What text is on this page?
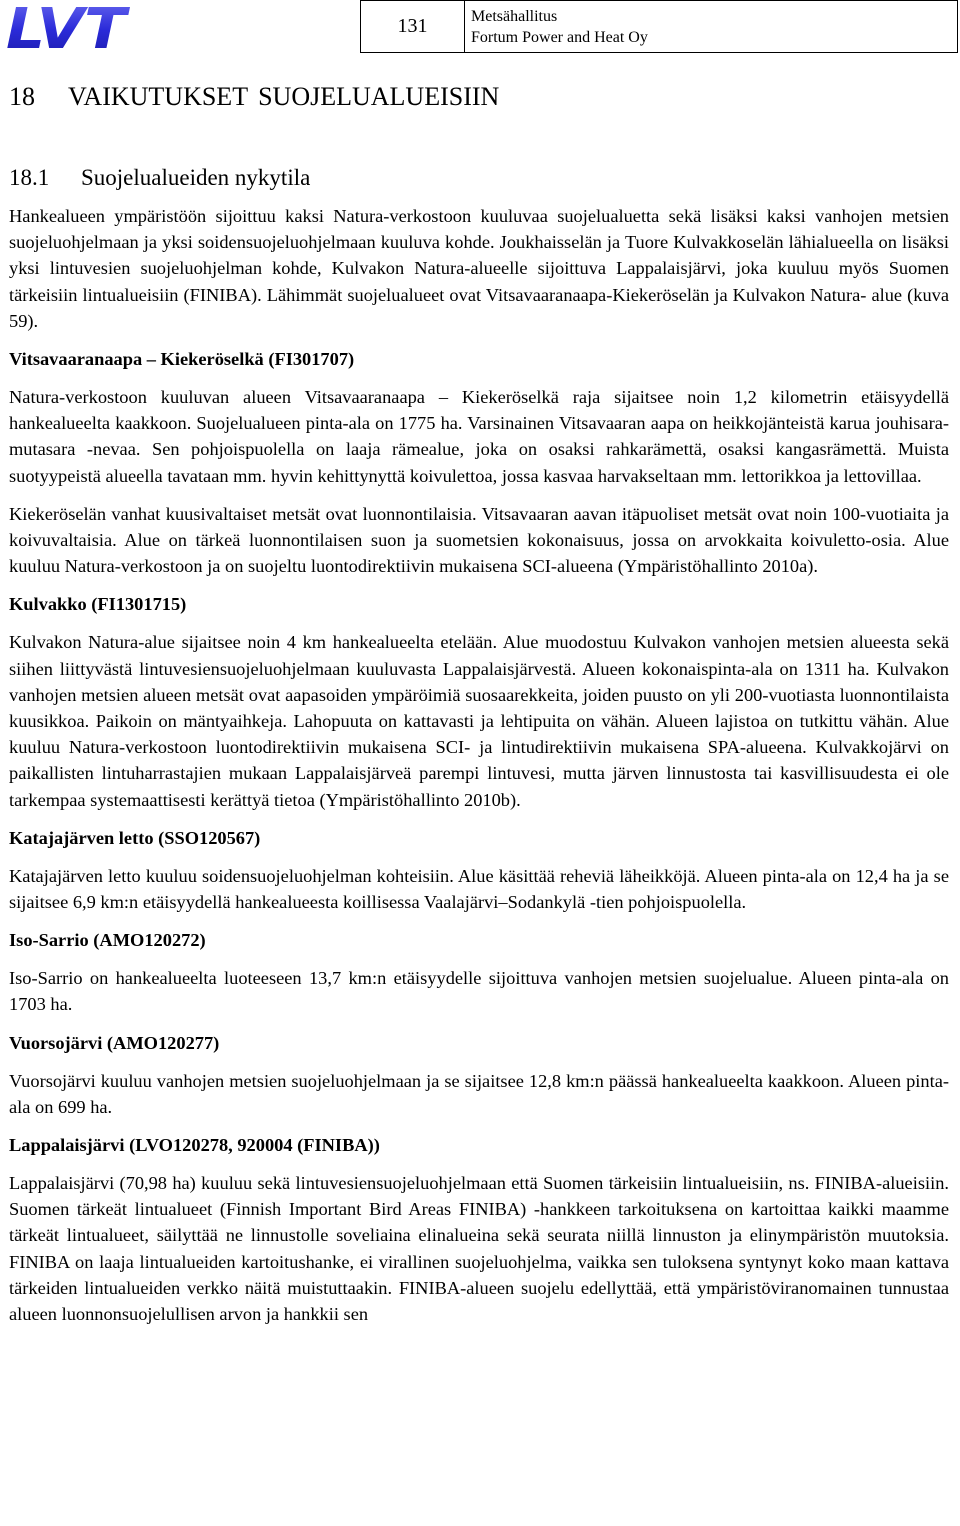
LVT	131	Metsähallitus
Fortum Power and Heat Oy
18 VAIKUTUKSET SUOJELUALUEISIIN
18.1 Suojelualueiden nykytila

Hankealueen ympäristöön sijoittuu kaksi Natura-verkostoon kuuluvaa suojelualuetta sekä lisäksi kaksi vanhojen metsien suojeluohjelmaan ja yksi soidensuojeluohjelmaan kuuluva kohde. Joukhaisselän ja Tuore Kulvakkoselän lähialueella on lisäksi yksi lintuvesien suojeluohjelman kohde, Kulvakon Natura-alueelle sijoittuva Lappalaisjärvi, joka kuuluu myös Suomen tärkeisiin lintualueisiin (FINIBA). Lähimmät suojelualueet ovat Vitsavaaranaapa-Kiekeröselän ja Kulvakon Natura- alue (kuva 59).

Vitsavaaranaapa – Kiekeröselkä (FI301707)

Natura-verkostoon kuuluvan alueen Vitsavaaranaapa – Kiekeröselkä raja sijaitsee noin 1,2 kilometrin etäisyydellä hankealueelta kaakkoon. Suojelualueen pinta-ala on 1775 ha. Varsinainen Vitsavaaran aapa on heikkojänteistä karua jouhisara-mutasara -nevaa. Sen pohjoispuolella on laaja rämealue, joka on osaksi rahkarämettä, osaksi kangasrämettä. Muista suotyypeistä alueella tavataan mm. hyvin kehittynyttä koivulettoa, jossa kasvaa harvakseltaan mm. lettorikkoa ja lettovillaa.

Kiekeröselän vanhat kuusivaltaiset metsät ovat luonnontilaisia. Vitsavaaran aavan itäpuoliset metsät ovat noin 100-vuotiaita ja koivuvaltaisia. Alue on tärkeä luonnontilaisen suon ja suometsien kokonaisuus, jossa on arvokkaita koivuletto-osia. Alue kuuluu Natura-verkostoon ja on suojeltu luontodirektiivin mukaisena SCI-alueena (Ympäristöhallinto 2010a).

Kulvakko (FI1301715)

Kulvakon Natura-alue sijaitsee noin 4 km hankealueelta etelään. Alue muodostuu Kulvakon vanhojen metsien alueesta sekä siihen liittyvästä lintuvesiensuojeluohjelmaan kuuluvasta Lappalaisjärvestä. Alueen kokonaispinta-ala on 1311 ha. Kulvakon vanhojen metsien alueen metsät ovat aapasoiden ympäröimiä suosaarekkeita, joiden puusto on yli 200-vuotiasta luonnontilaista kuusikkoa. Paikoin on mäntyaihkeja. Lahopuuta on kattavasti ja lehtipuita on vähän. Alueen lajistoa on tutkittu vähän. Alue kuuluu Natura-verkostoon luontodirektiivin mukaisena SCI- ja lintudirektiivin mukaisena SPA-alueena. Kulvakkojärvi on paikallisten lintuharrastajien mukaan Lappalaisjärveä parempi lintuvesi, mutta järven linnustosta tai kasvillisuudesta ei ole tarkempaa systemaattisesti kerättyä tietoa (Ympäristöhallinto 2010b).

Katajajärven letto (SSO120567)

Katajajärven letto kuuluu soidensuojeluohjelman kohteisiin. Alue käsittää reheviä läheikköjä. Alueen pinta-ala on 12,4 ha ja se sijaitsee 6,9 km:n etäisyydellä hankealueesta koillisessa Vaalajärvi–Sodankylä -tien pohjoispuolella.

Iso-Sarrio (AMO120272)

Iso-Sarrio on hankealueelta luoteeseen 13,7 km:n etäisyydelle sijoittuva vanhojen metsien suojelualue. Alueen pinta-ala on 1703 ha.

Vuorsojärvi (AMO120277)

Vuorsojärvi kuuluu vanhojen metsien suojeluohjelmaan ja se sijaitsee 12,8 km:n päässä hankealueelta kaakkoon. Alueen pinta-ala on 699 ha.

Lappalaisjärvi (LVO120278, 920004 (FINIBA))

Lappalaisjärvi (70,98 ha) kuuluu sekä lintuvesiensuojeluohjelmaan että Suomen tärkeisiin lintualueisiin, ns. FINIBA-alueisiin. Suomen tärkeät lintualueet (Finnish Important Bird Areas FINIBA) -hankkeen tarkoituksena on kartoittaa kaikki maamme tärkeät lintualueet, säilyttää ne linnustolle soveliaina elinalueina sekä seurata niillä linnuston ja elinympäristön muutoksia. FINIBA on laaja lintualueiden kartoitushanke, ei virallinen suojeluohjelma, vaikka sen tuloksena syntynyt koko maan kattava tärkeiden lintualueiden verkko näitä muistuttaakin. FINIBA-alueen suojelu edellyttää, että ympäristöviranomainen tunnustaa alueen luonnonsuojelullisen arvon ja hankkii sen
